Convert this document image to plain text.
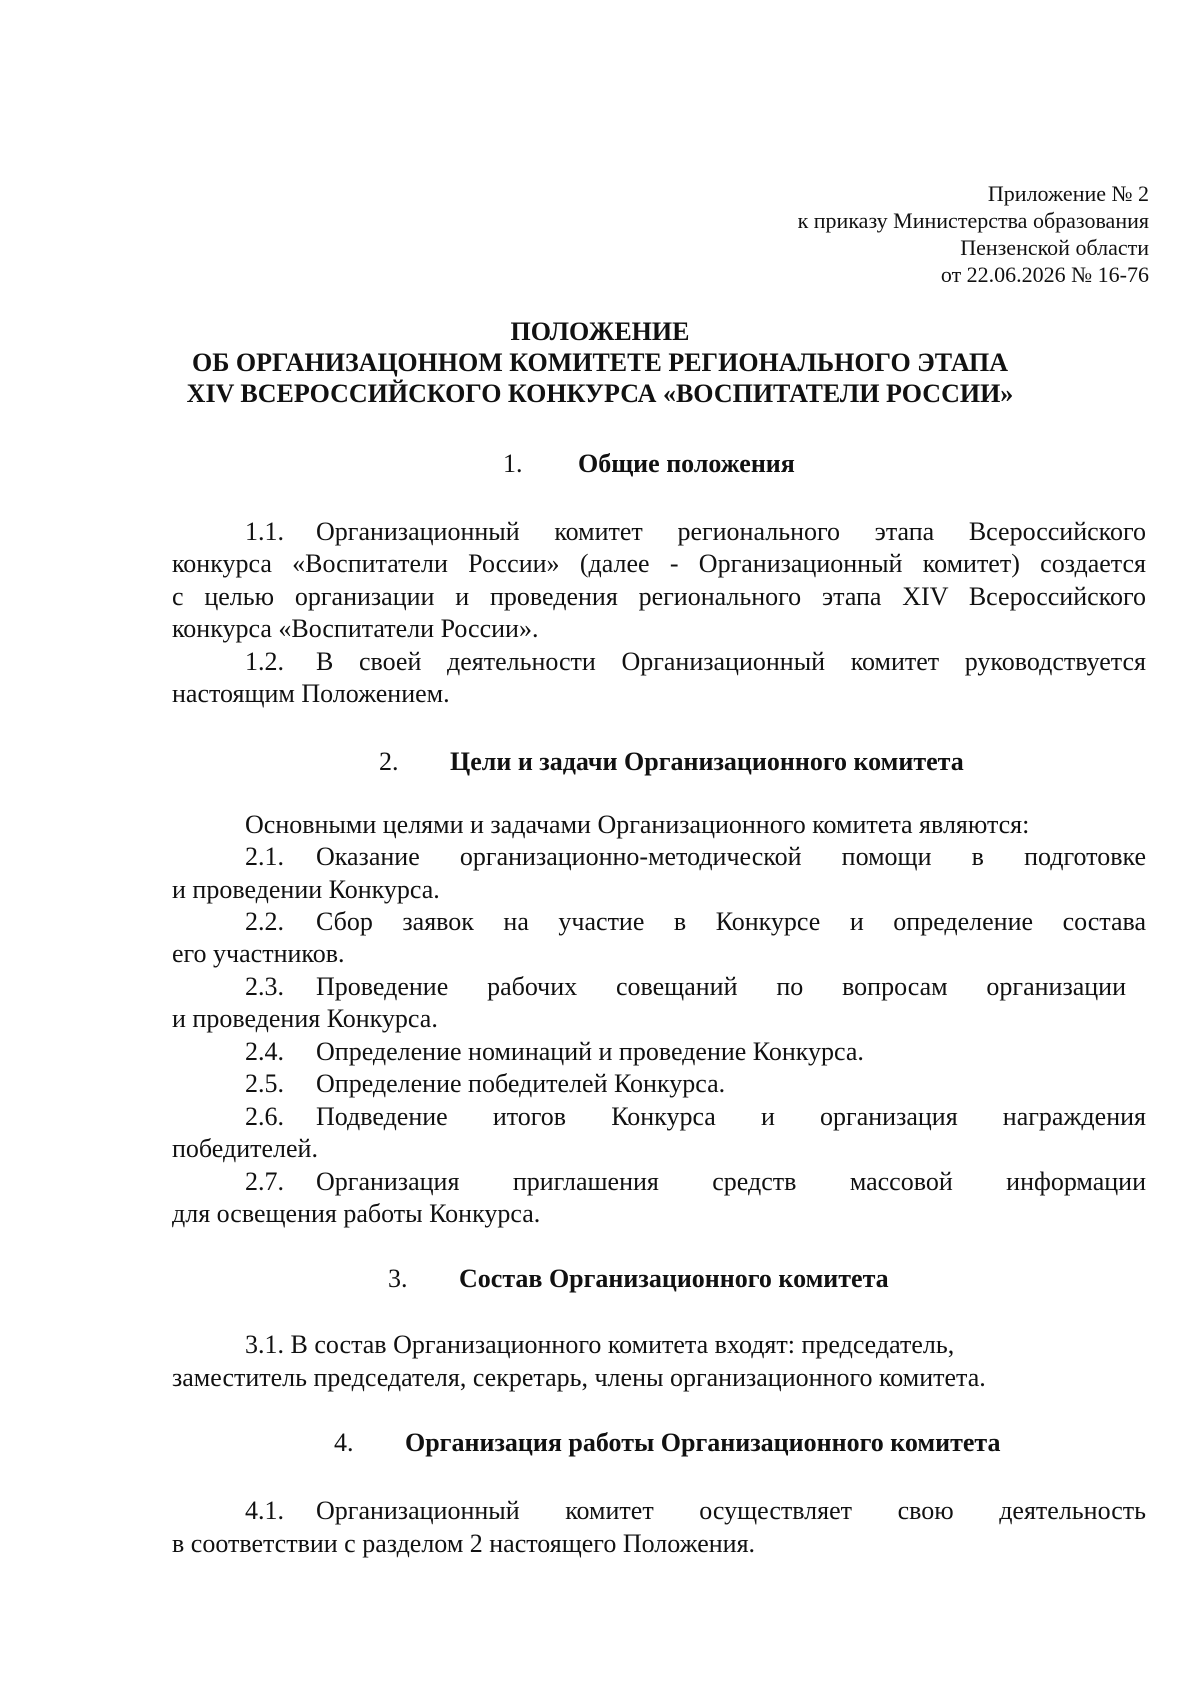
Приложение № 2
к приказу Министерства образования
Пензенской области
от 22.06.2026 № 16-76
ПОЛОЖЕНИЕ
ОБ ОРГАНИЗАЦОННОМ КОМИТЕТЕ РЕГИОНАЛЬНОГО ЭТАПА
XIV ВСЕРОССИЙСКОГО КОНКУРСА «ВОСПИТАТЕЛИ РОССИИ»
1. Общие положения
1.1. Организационный комитет регионального этапа Всероссийского
конкурса «Воспитатели России» (далее - Организационный комитет) создается
с целью организации и проведения регионального этапа XIV Всероссийского
конкурса «Воспитатели России».
1.2. В своей деятельности Организационный комитет руководствуется
настоящим Положением.
2. Цели и задачи Организационного комитета
Основными целями и задачами Организационного комитета являются:
2.1. Оказание организационно-методической помощи в подготовке
и проведении Конкурса.
2.2. Сбор заявок на участие в Конкурсе и определение состава
его участников.
2.3. Проведение рабочих совещаний по вопросам организации
и проведения Конкурса.
2.4. Определение номинаций и проведение Конкурса.
2.5. Определение победителей Конкурса.
2.6. Подведение итогов Конкурса и организация награждения
победителей.
2.7. Организация приглашения средств массовой информации
для освещения работы Конкурса.
3. Состав Организационного комитета
3.1. В состав Организационного комитета входят: председатель,
заместитель председателя, секретарь, члены организационного комитета.
4. Организация работы Организационного комитета
4.1. Организационный комитет осуществляет свою деятельность
в соответствии с разделом 2 настоящего Положения.
